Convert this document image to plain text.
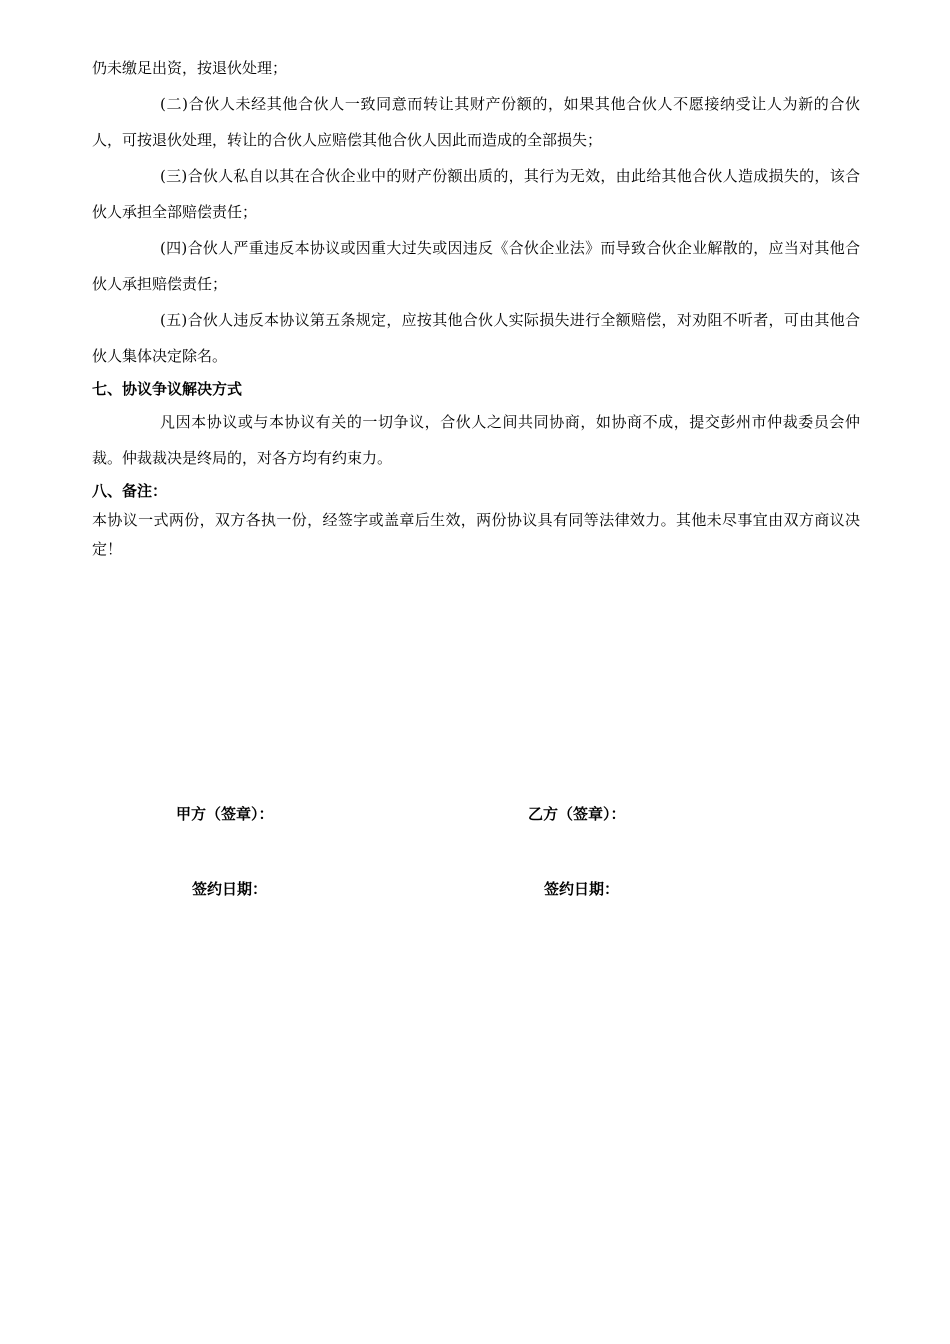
仍未缴足出资，按退伙处理；

(二)合伙人未经其他合伙人一致同意而转让其财产份额的，如果其他合伙人不愿接纳受让人为新的合伙人，可按退伙处理，转让的合伙人应赔偿其他合伙人因此而造成的全部损失；

(三)合伙人私自以其在合伙企业中的财产份额出质的，其行为无效，由此给其他合伙人造成损失的，该合伙人承担全部赔偿责任；

(四)合伙人严重违反本协议或因重大过失或因违反《合伙企业法》而导致合伙企业解散的，应当对其他合伙人承担赔偿责任；

(五)合伙人违反本协议第五条规定，应按其他合伙人实际损失进行全额赔偿，对劝阻不听者，可由其他合伙人集体决定除名。

七、协议争议解决方式

凡因本协议或与本协议有关的一切争议，合伙人之间共同协商，如协商不成，提交彭州市仲裁委员会仲裁。仲裁裁决是终局的，对各方均有约束力。

八、备注：

本协议一式两份，双方各执一份，经签字或盖章后生效，两份协议具有同等法律效力。其他未尽事宜由双方商议决定！

甲方（签章）：	乙方（签章）：
签约日期：	签约日期：
